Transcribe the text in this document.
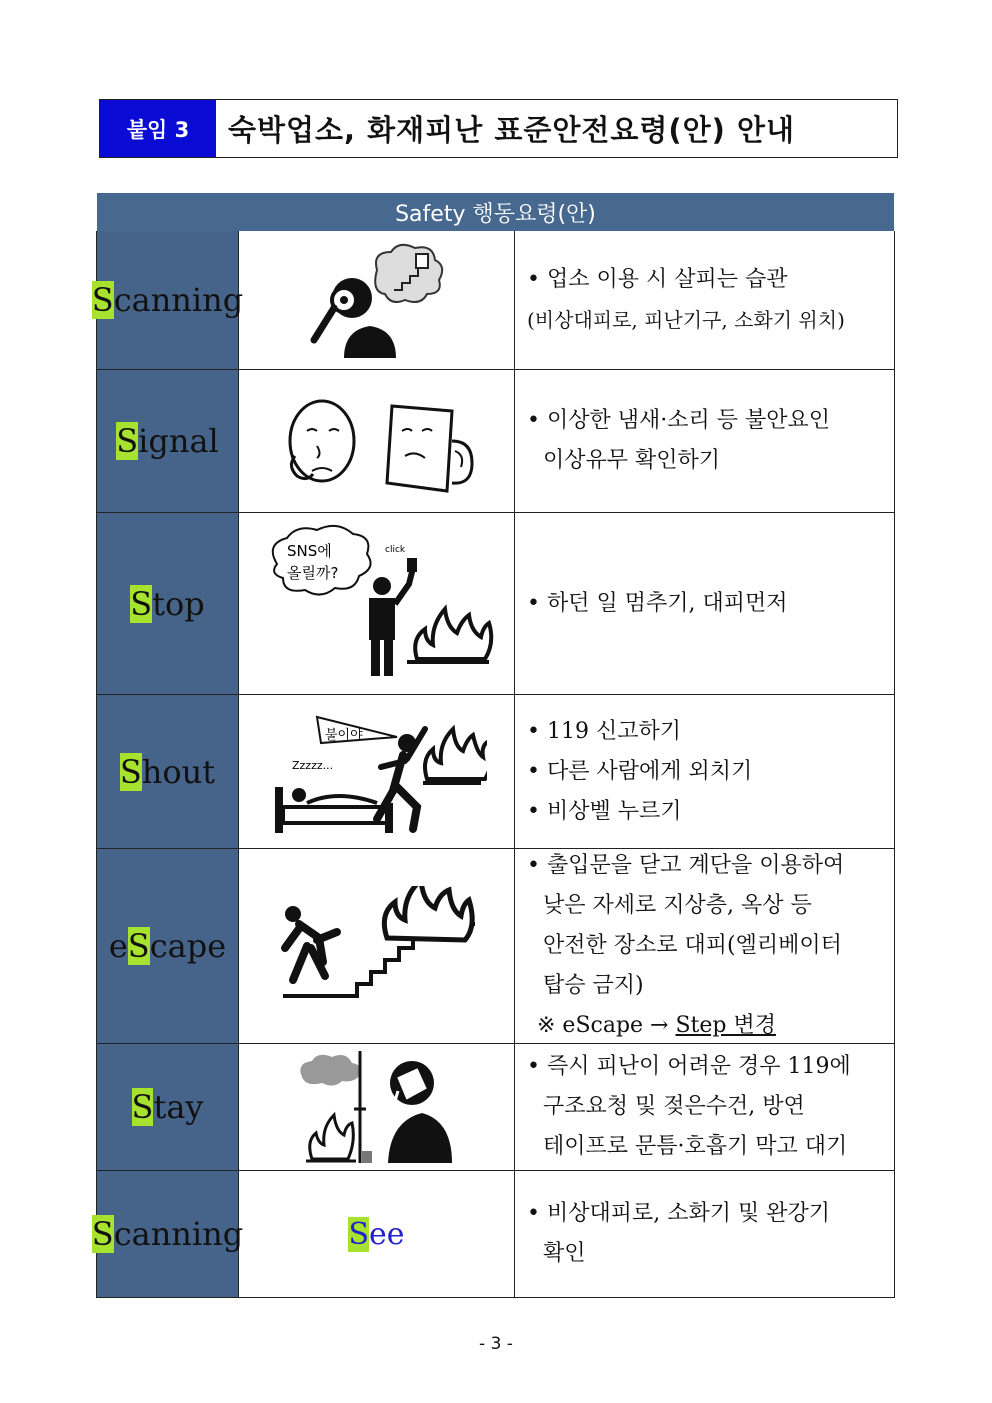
붙임 3	숙박업소, 화재피난 표준안전요령(안) 안내
Safety 행동요령(안)
S canning
• 업소 이용 시 살피는 습관
(비상대피로, 피난기구, 소화기 위치)
S ignal
• 이상한 냄새·소리 등 불안요인
이상유무 확인하기
S top
SNS에
올릴까?
click
• 하던 일 멈추기, 대피먼저
S hout
불이야
Zzzzz...
• 119 신고하기
• 다른 사람에게 외치기
• 비상벨 누르기
e S cape
• 출입문을 닫고 계단을 이용하여
낮은 자세로 지상층, 옥상 등
안전한 장소로 대피(엘리베이터
탑승 금지)
※ eScape → Step 변경
S tay
• 즉시 피난이 어려운 경우 119에
구조요청 및 젖은수건, 방연
테이프로 문틈·호흡기 막고 대기
S canning	See
• 비상대피로, 소화기 및 완강기
확인
- 3 -
